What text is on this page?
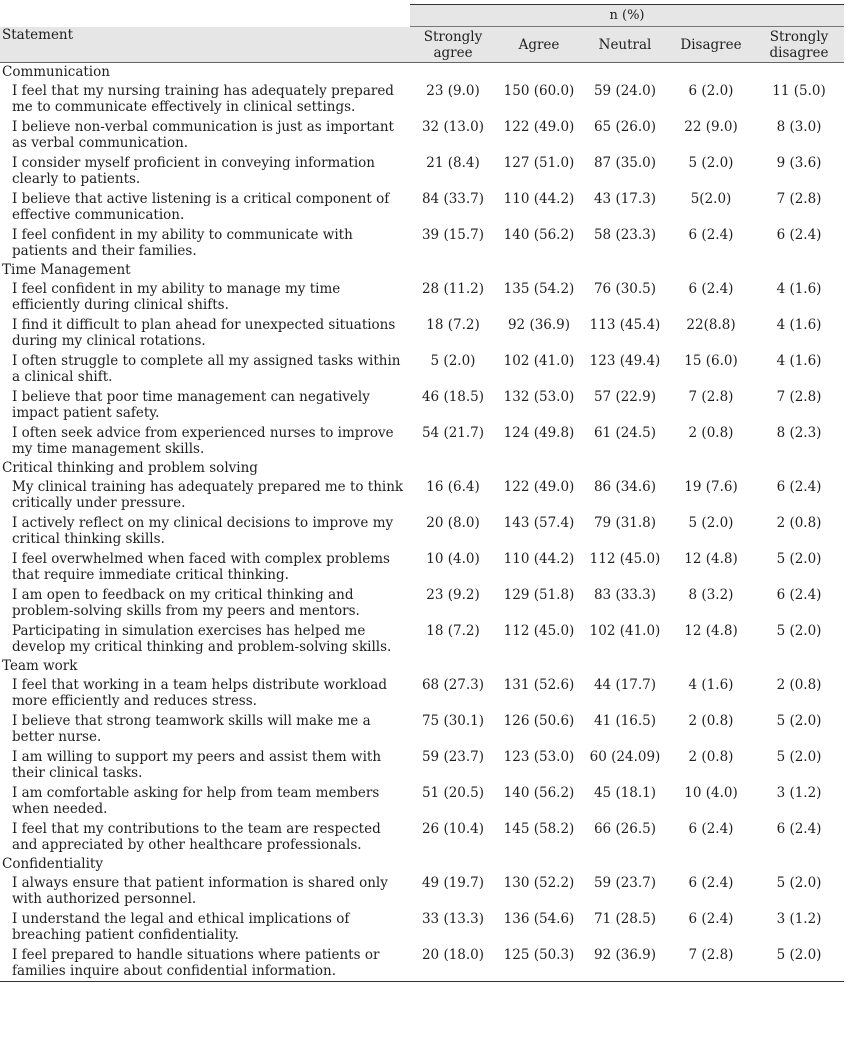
	n (%)				
Statement	Strongly agree	Agree	Neutral	Disagree	Strongly disagree
Communication					
I feel that my nursing training has adequately prepared me to communicate effectively in clinical settings.	23 (9.0)	150 (60.0)	59 (24.0)	6 (2.0)	11 (5.0)
I believe non-verbal communication is just as important as verbal communication.	32 (13.0)	122 (49.0)	65 (26.0)	22 (9.0)	8 (3.0)
I consider myself proficient in conveying information clearly to patients.	21 (8.4)	127 (51.0)	87 (35.0)	5 (2.0)	9 (3.6)
I believe that active listening is a critical component of effective communication.	84 (33.7)	110 (44.2)	43 (17.3)	5(2.0)	7 (2.8)
I feel confident in my ability to communicate with patients and their families.	39 (15.7)	140 (56.2)	58 (23.3)	6 (2.4)	6 (2.4)
Time Management					
I feel confident in my ability to manage my time efficiently during clinical shifts.	28 (11.2)	135 (54.2)	76 (30.5)	6 (2.4)	4 (1.6)
I find it difficult to plan ahead for unexpected situations during my clinical rotations.	18 (7.2)	92 (36.9)	113 (45.4)	22(8.8)	4 (1.6)
I often struggle to complete all my assigned tasks within a clinical shift.	5 (2.0)	102 (41.0)	123 (49.4)	15 (6.0)	4 (1.6)
I believe that poor time management can negatively impact patient safety.	46 (18.5)	132 (53.0)	57 (22.9)	7 (2.8)	7 (2.8)
I often seek advice from experienced nurses to improve my time management skills.	54 (21.7)	124 (49.8)	61 (24.5)	2 (0.8)	8 (2.3)
Critical thinking and problem solving					
My clinical training has adequately prepared me to think critically under pressure.	16 (6.4)	122 (49.0)	86 (34.6)	19 (7.6)	6 (2.4)
I actively reflect on my clinical decisions to improve my critical thinking skills.	20 (8.0)	143 (57.4)	79 (31.8)	5 (2.0)	2 (0.8)
I feel overwhelmed when faced with complex problems that require immediate critical thinking.	10 (4.0)	110 (44.2)	112 (45.0)	12 (4.8)	5 (2.0)
I am open to feedback on my critical thinking and problem-solving skills from my peers and mentors.	23 (9.2)	129 (51.8)	83 (33.3)	8 (3.2)	6 (2.4)
Participating in simulation exercises has helped me develop my critical thinking and problem-solving skills.	18 (7.2)	112 (45.0)	102 (41.0)	12 (4.8)	5 (2.0)
Team work					
I feel that working in a team helps distribute workload more efficiently and reduces stress.	68 (27.3)	131 (52.6)	44 (17.7)	4 (1.6)	2 (0.8)
I believe that strong teamwork skills will make me a better nurse.	75 (30.1)	126 (50.6)	41 (16.5)	2 (0.8)	5 (2.0)
I am willing to support my peers and assist them with their clinical tasks.	59 (23.7)	123 (53.0)	60 (24.09)	2 (0.8)	5 (2.0)
I am comfortable asking for help from team members when needed.	51 (20.5)	140 (56.2)	45 (18.1)	10 (4.0)	3 (1.2)
I feel that my contributions to the team are respected and appreciated by other healthcare professionals.	26 (10.4)	145 (58.2)	66 (26.5)	6 (2.4)	6 (2.4)
Confidentiality					
I always ensure that patient information is shared only with authorized personnel.	49 (19.7)	130 (52.2)	59 (23.7)	6 (2.4)	5 (2.0)
I understand the legal and ethical implications of breaching patient confidentiality.	33 (13.3)	136 (54.6)	71 (28.5)	6 (2.4)	3 (1.2)
I feel prepared to handle situations where patients or families inquire about confidential information.	20 (18.0)	125 (50.3)	92 (36.9)	7 (2.8)	5 (2.0)
